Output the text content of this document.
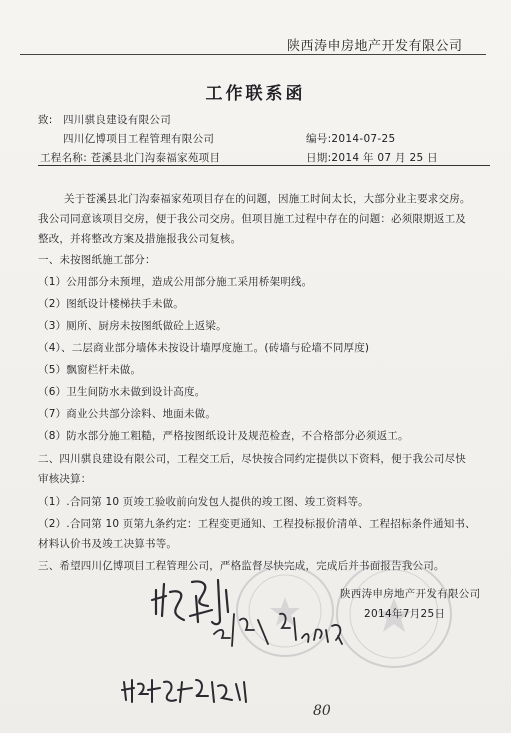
陕西涛申房地产开发有限公司
工作联系函
致: 四川骐良建设有限公司
四川亿博项目工程管理有限公司	编号:2014-07-25
工程名称: 苍溪县北门沟泰福家苑项目	日期:2014 年 07 月 25 日
关于苍溪县北门沟泰福家苑项目存在的问题，因施工时间太长，大部分业主要求交房。
我公司同意该项目交房，便于我公司交房。但项目施工过程中存在的问题：必须限期返工及
整改，并将整改方案及措施报我公司复核。
一、未按图纸施工部分：
（1）公用部分未预埋，造成公用部分施工采用桥架明线。
（2）图纸设计楼梯扶手未做。
（3）厕所、厨房未按图纸做砼上返梁。
（4）、二层商业部分墙体未按设计墙厚度施工。(砖墙与砼墙不同厚度)
（5）飘窗栏杆未做。
（6）卫生间防水未做到设计高度。
（7）商业公共部分涂料、地面未做。
（8）防水部分施工粗糙，严格按图纸设计及规范检查，不合格部分必须返工。
二、四川骐良建设有限公司，工程交工后，尽快按合同约定提供以下资料，便于我公司尽快
审核决算：
（1）.合同第 10 页竣工验收前向发包人提供的竣工图、竣工资料等。
（2）.合同第 10 页第九条约定：工程变更通知、工程投标报价清单、工程招标条件通知书、
材料认价书及竣工决算书等。
三、希望四川亿博项目工程管理公司，严格监督尽快完成，完成后并书面报告我公司。
陕西涛申房地产开发有限公司
2014年7月25日
80
